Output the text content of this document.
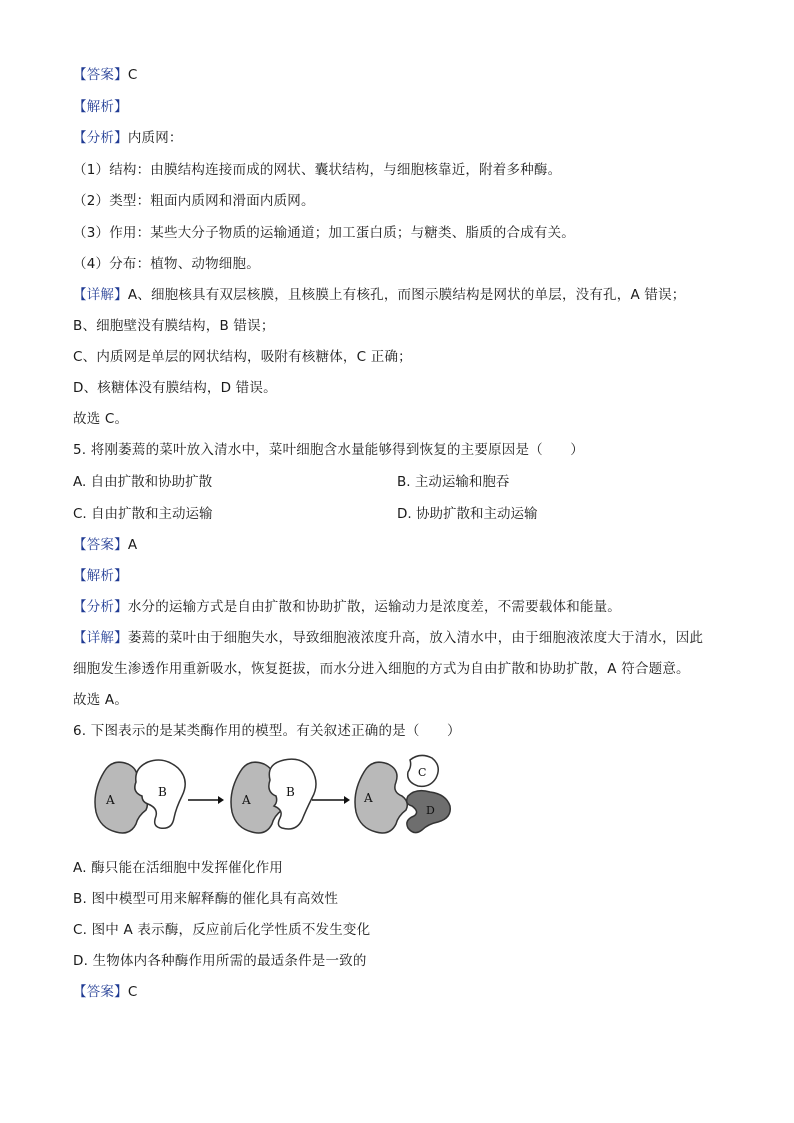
【答案】C
【解析】
【分析】内质网：
（1）结构：由膜结构连接而成的网状、囊状结构，与细胞核靠近，附着多种酶。
（2）类型：粗面内质网和滑面内质网。
（3）作用：某些大分子物质的运输通道；加工蛋白质；与糖类、脂质的合成有关。
（4）分布：植物、动物细胞。
【详解】A、细胞核具有双层核膜，且核膜上有核孔，而图示膜结构是网状的单层，没有孔，A 错误；
B、细胞壁没有膜结构，B 错误；
C、内质网是单层的网状结构，吸附有核糖体，C 正确；
D、核糖体没有膜结构，D 错误。
故选 C。
5. 将刚萎蔫的菜叶放入清水中，菜叶细胞含水量能够得到恢复的主要原因是（　　）
A. 自由扩散和协助扩散	B. 主动运输和胞吞
C. 自由扩散和主动运输	D. 协助扩散和主动运输
【答案】A
【解析】
【分析】水分的运输方式是自由扩散和协助扩散，运输动力是浓度差，不需要载体和能量。
【详解】萎蔫的菜叶由于细胞失水，导致细胞液浓度升高，放入清水中，由于细胞液浓度大于清水，因此
细胞发生渗透作用重新吸水，恢复挺拔，而水分进入细胞的方式为自由扩散和协助扩散，A 符合题意。
故选 A。
6. 下图表示的是某类酶作用的模型。有关叙述正确的是（　　）
A
B
A
B	A
C
D
A. 酶只能在活细胞中发挥催化作用
B. 图中模型可用来解释酶的催化具有高效性
C. 图中 A 表示酶，反应前后化学性质不发生变化
D. 生物体内各种酶作用所需的最适条件是一致的
【答案】C
